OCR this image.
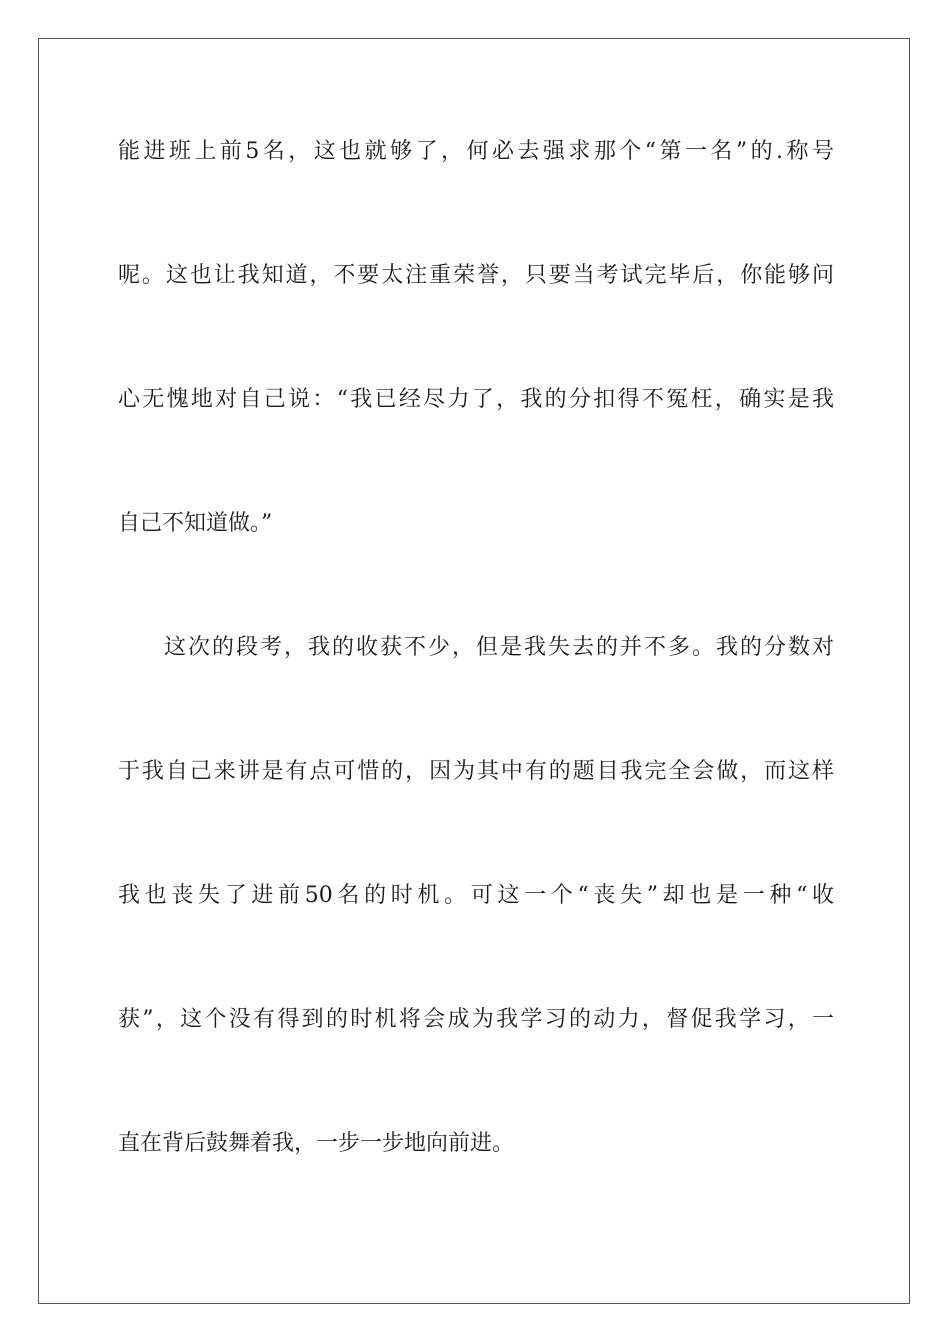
能进班上前5名，这也就够了，何必去强求那个“第一名”的.称号
呢。这也让我知道，不要太注重荣誉，只要当考试完毕后，你能够问
心无愧地对自己说：“我已经尽力了，我的分扣得不冤枉，确实是我
自己不知道做。”
这次的段考，我的收获不少，但是我失去的并不多。我的分数对
于我自己来讲是有点可惜的，因为其中有的题目我完全会做，而这样
我也丧失了进前50名的时机。可这一个“丧失”却也是一种“收
获”，这个没有得到的时机将会成为我学习的动力，督促我学习，一
直在背后鼓舞着我，一步一步地向前进。
